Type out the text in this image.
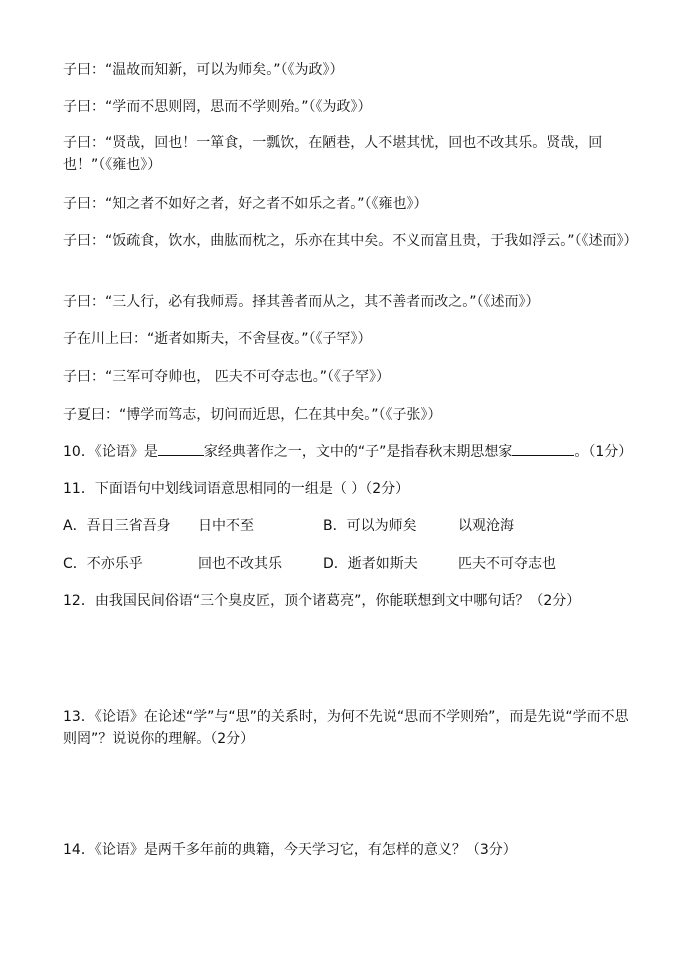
子曰：“温故而知新，可以为师矣。”（《为政》）
子曰：“学而不思则罔，思而不学则殆。”（《为政》）
子曰：“贤哉，回也！一箪食，一瓢饮，在陋巷，人不堪其忧，回也不改其乐。贤哉，回也！”（《雍也》）
子曰：“知之者不如好之者，好之者不如乐之者。”（《雍也》）
子曰：“饭疏食，饮水，曲肱而枕之，乐亦在其中矣。不义而富且贵，于我如浮云。”（《述而》）
子曰：“三人行，必有我师焉。择其善者而从之，其不善者而改之。”（《述而》）
子在川上曰：“逝者如斯夫，不舍昼夜。”（《子罕》）
子曰：“三军可夺帅也， 匹夫不可夺志也。”（《子罕》）
子夏曰：“博学而笃志，切问而近思，仁在其中矣。”（《子张》）
10．《论语》是	家经典著作之一，文中的“子”是指春秋末期思想家	。（1分）
11．下面语句中划线词语意思相同的一组是（ ）（2分）
A．吾日三省吾身 日中不至	B．可以为师矣	以观沧海
C．不亦乐乎	回也不改其乐	D．逝者如斯夫	匹夫不可夺志也
12．由我国民间俗语“三个臭皮匠，顶个诸葛亮”，你能联想到文中哪句话？（2分）
13．《论语》在论述“学”与“思”的关系时，为何不先说“思而不学则殆”，而是先说“学而不思则罔”？说说你的理解。（2分）
14．《论语》是两千多年前的典籍，今天学习它，有怎样的意义？（3分）
